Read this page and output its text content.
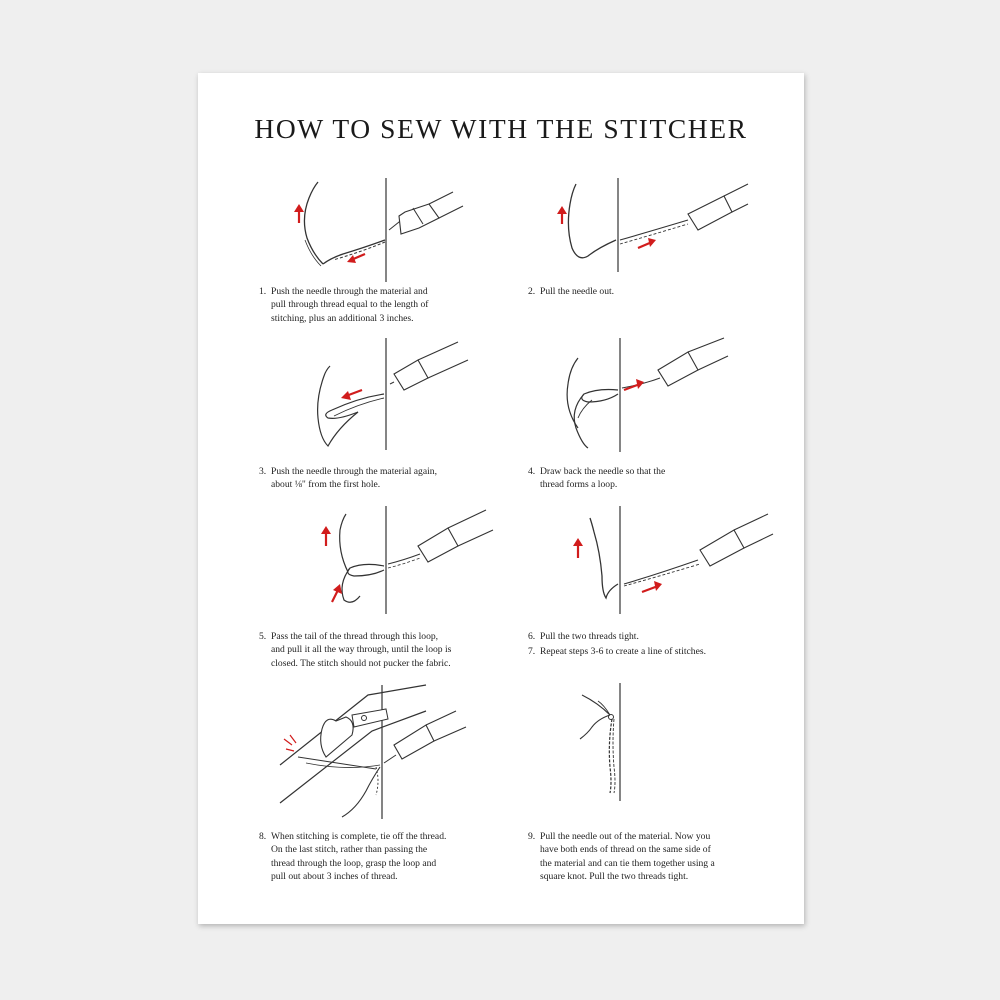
HOW TO SEW WITH THE STITCHER
1. Push the needle through the material and
pull through thread equal to the length of
stitching, plus an additional 3 inches.
2. Pull the needle out.
3. Push the needle through the material again,
about ⅛" from the first hole.
4. Draw back the needle so that the
thread forms a loop.
5. Pass the tail of the thread through this loop,
and pull it all the way through, until the loop is
closed. The stitch should not pucker the fabric.
6. Pull the two threads tight.
7. Repeat steps 3-6 to create a line of stitches.
8. When stitching is complete, tie off the thread.
On the last stitch, rather than passing the
thread through the loop, grasp the loop and
pull out about 3 inches of thread.
9. Pull the needle out of the material. Now you
have both ends of thread on the same side of
the material and can tie them together using a
square knot. Pull the two threads tight.
